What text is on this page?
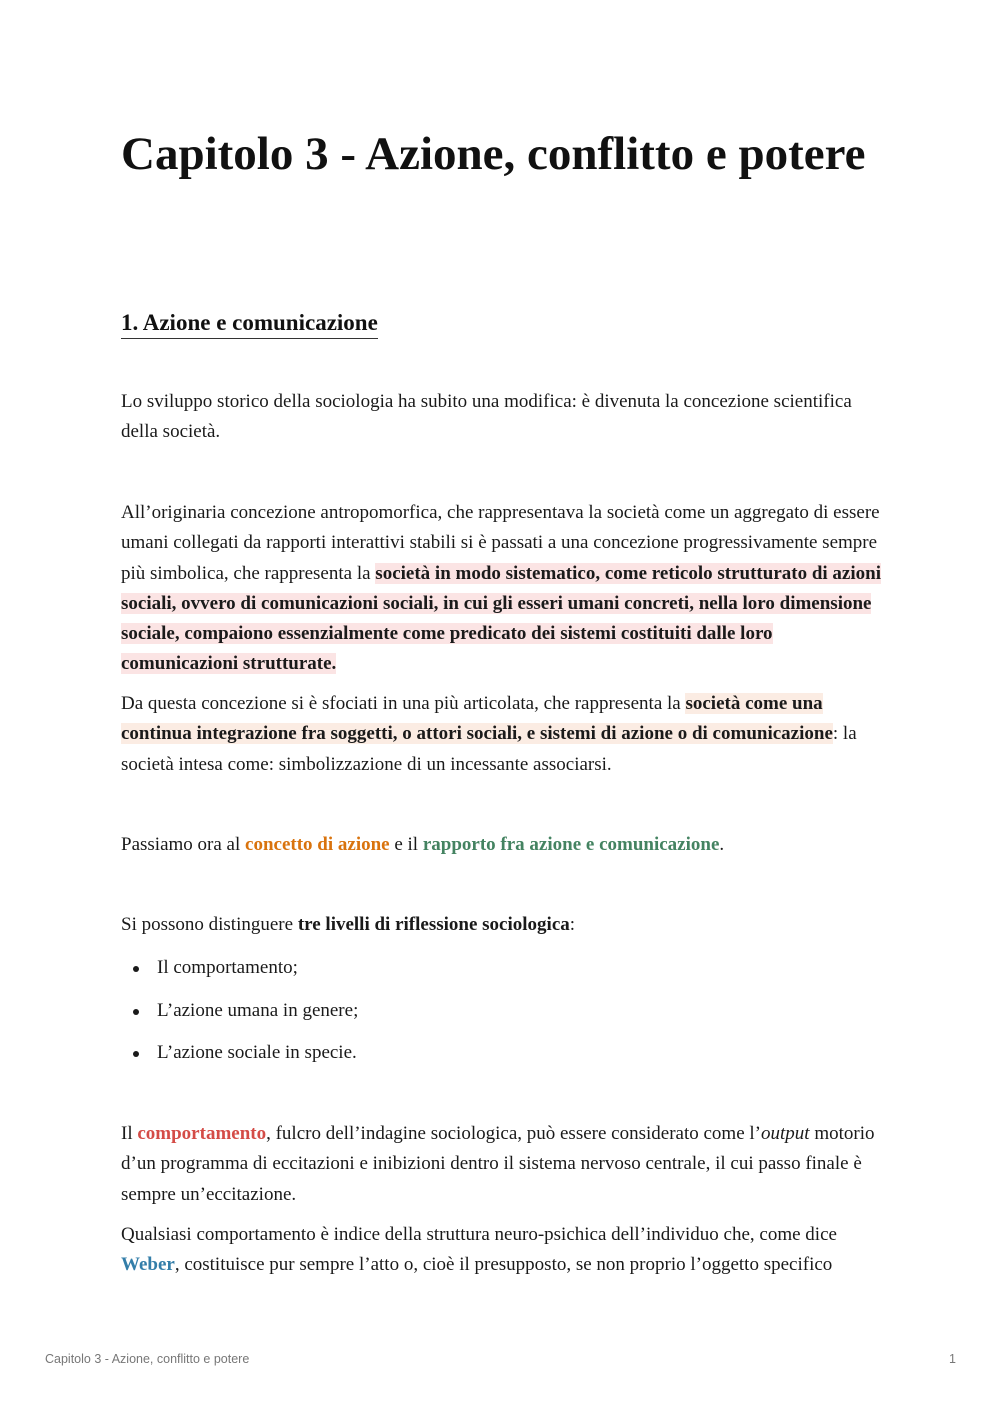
Capitolo 3 - Azione, conflitto e potere
1. Azione e comunicazione

Lo sviluppo storico della sociologia ha subito una modifica: è divenuta la concezione scientifica della società.

All’originaria concezione antropomorfica, che rappresentava la società come un aggregato di essere umani collegati da rapporti interattivi stabili si è passati a una concezione progressivamente sempre più simbolica, che rappresenta la società in modo sistematico, come reticolo strutturato di azioni sociali, ovvero di comunicazioni sociali, in cui gli esseri umani concreti, nella loro dimensione sociale, compaiono essenzialmente come predicato dei sistemi costituiti dalle loro comunicazioni strutturate.

Da questa concezione si è sfociati in una più articolata, che rappresenta la società come una continua integrazione fra soggetti, o attori sociali, e sistemi di azione o di comunicazione: la società intesa come: simbolizzazione di un incessante associarsi.

Passiamo ora al concetto di azione e il rapporto fra azione e comunicazione.

Si possono distinguere tre livelli di riflessione sociologica:

Il comportamento;
L’azione umana in genere;
L’azione sociale in specie.

Il comportamento, fulcro dell’indagine sociologica, può essere considerato come l’output motorio d’un programma di eccitazioni e inibizioni dentro il sistema nervoso centrale, il cui passo finale è sempre un’eccitazione.

Qualsiasi comportamento è indice della struttura neuro-psichica dell’individuo che, come dice Weber, costituisce pur sempre l’atto o, cioè il presupposto, se non proprio l’oggetto specifico

Capitolo 3 - Azione, conflitto e potere	1
